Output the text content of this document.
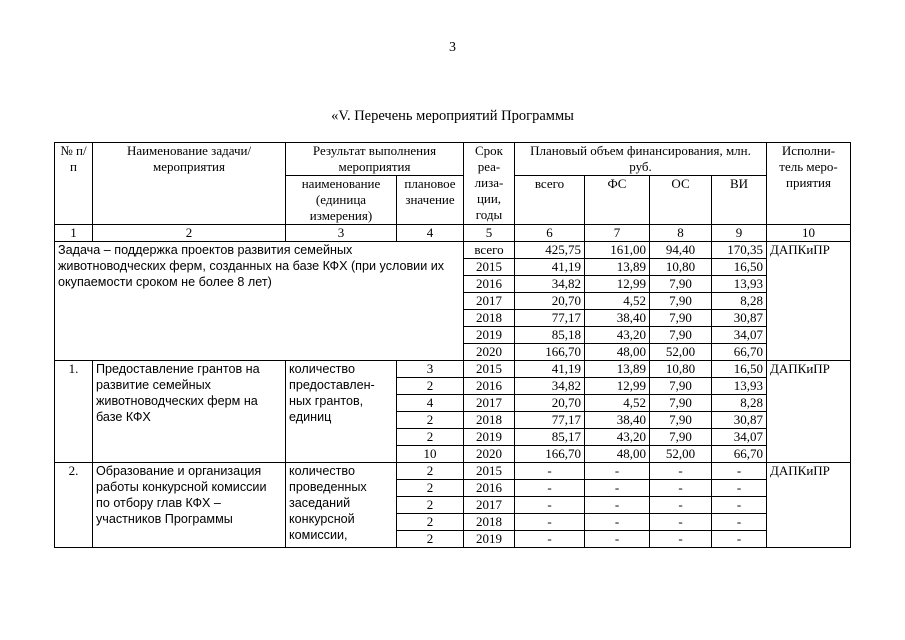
3
«V. Перечень мероприятий Программы
№ п/п	Наименование задачи/мероприятия	Результат выполнения мероприятия		Срок реа-лиза-ции, годы	Плановый объем финансирования, млн. руб.				Исполни-тель меро-приятия
		наименование (единица измерения)	плановое значение		всего	ФС	ОС	ВИ	
1	2	3	4	5	6	7	8	9	10
Задача – поддержка проектов развития семейных животноводческих ферм, созданных на базе КФХ (при условии их окупаемости сроком не более 8 лет)				всего	425,75	161,00	94,40	170,35	ДАПКиПР
				2015	41,19	13,89	10,80	16,50	
				2016	34,82	12,99	7,90	13,93	
				2017	20,70	4,52	7,90	8,28	
				2018	77,17	38,40	7,90	30,87	
				2019	85,18	43,20	7,90	34,07	
				2020	166,70	48,00	52,00	66,70	
1.	Предоставление грантов на развитие семейных животноводческих ферм на базе КФХ	количество предоставлен-ных грантов, единиц	3	2015	41,19	13,89	10,80	16,50	ДАПКиПР
			2	2016	34,82	12,99	7,90	13,93	
			4	2017	20,70	4,52	7,90	8,28	
			2	2018	77,17	38,40	7,90	30,87	
			2	2019	85,17	43,20	7,90	34,07	
			10	2020	166,70	48,00	52,00	66,70	
2.	Образование и организация работы конкурсной комиссии по отбору глав КФХ – участников Программы	количество проведенных заседаний конкурсной комиссии,	2	2015	-	-	-	-	ДАПКиПР
			2	2016	-	-	-	-	
			2	2017	-	-	-	-	
			2	2018	-	-	-	-	
			2	2019	-	-	-	-	
